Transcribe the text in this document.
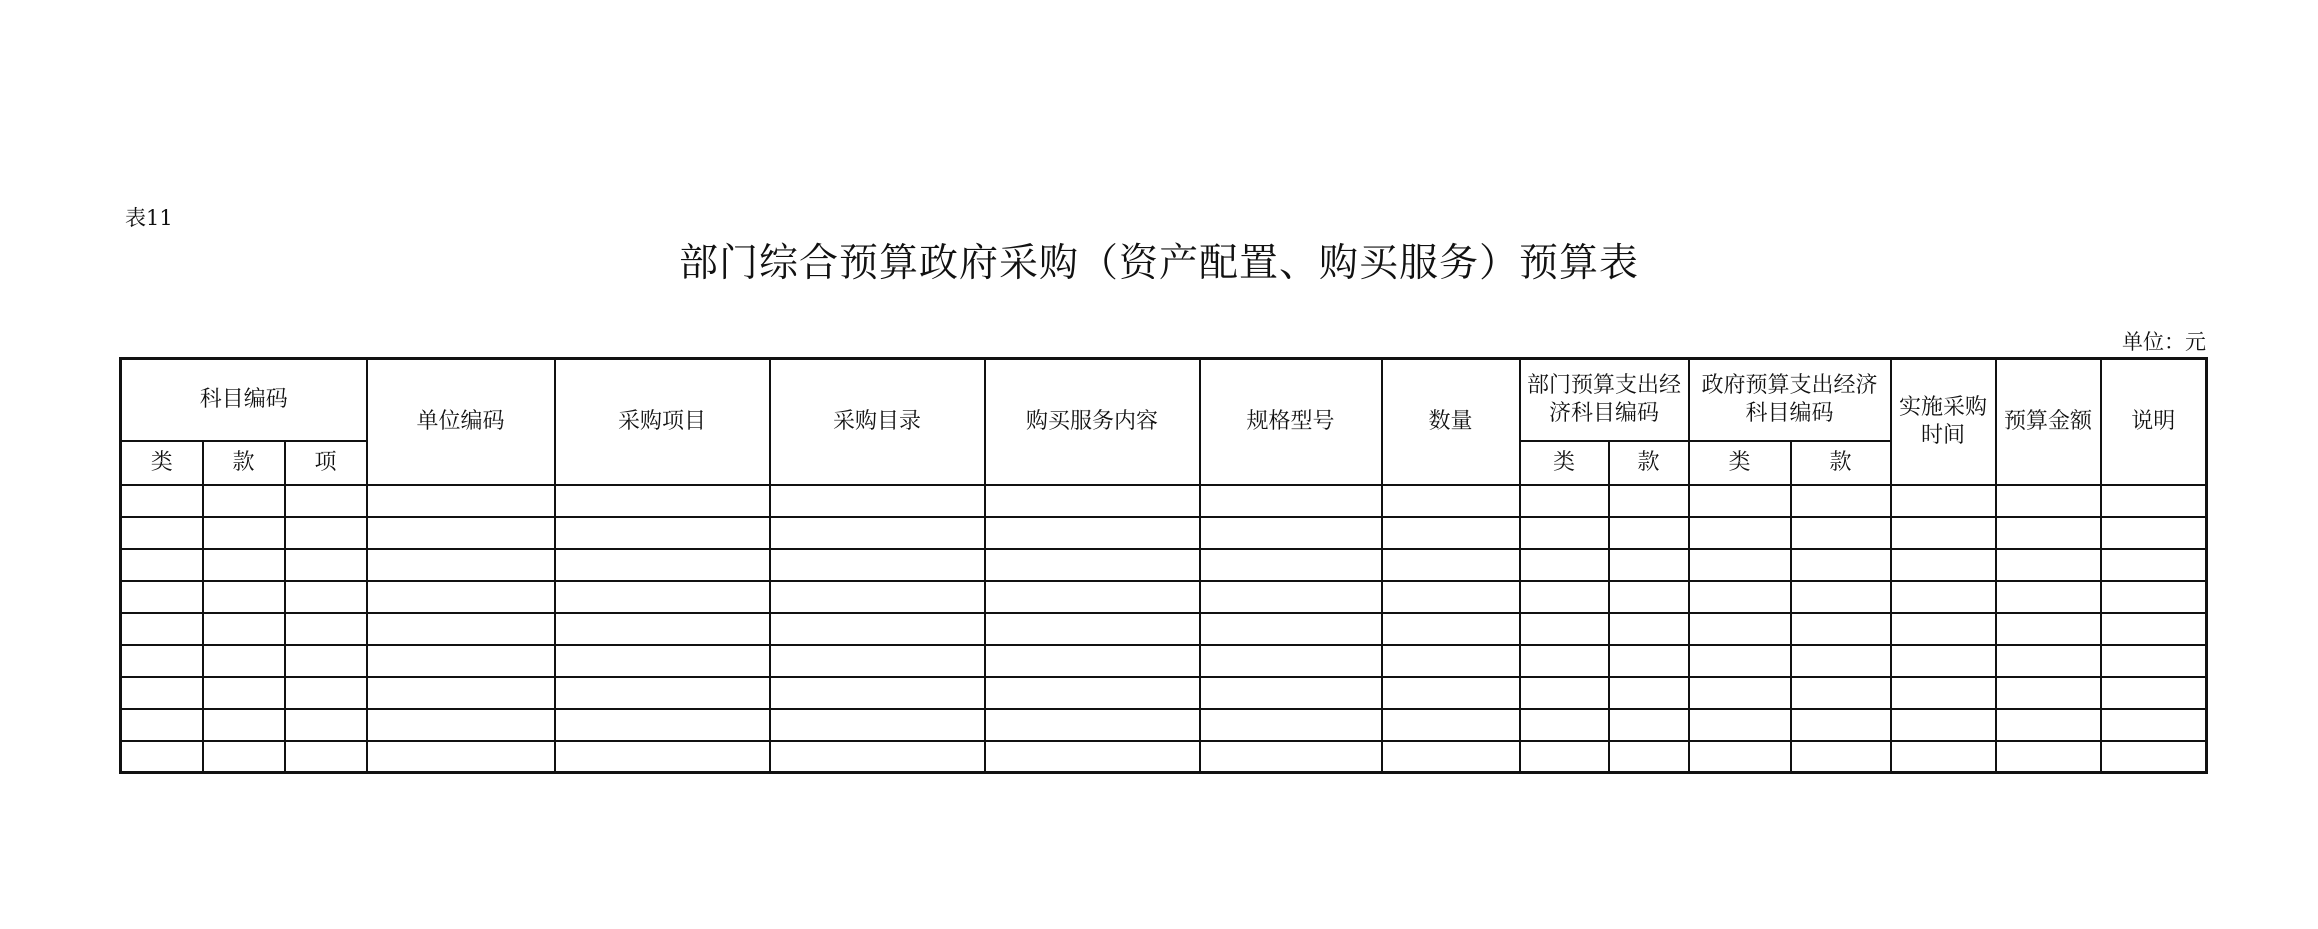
表11
部门综合预算政府采购（资产配置、购买服务）预算表
单位：元
科目编码			单位编码	采购项目	采购目录	购买服务内容	规格型号	数量	部门预算支出经济科目编码		政府预算支出经济科目编码		实施采购时间	预算金额	说明
类	款	项							类	款	类	款			
